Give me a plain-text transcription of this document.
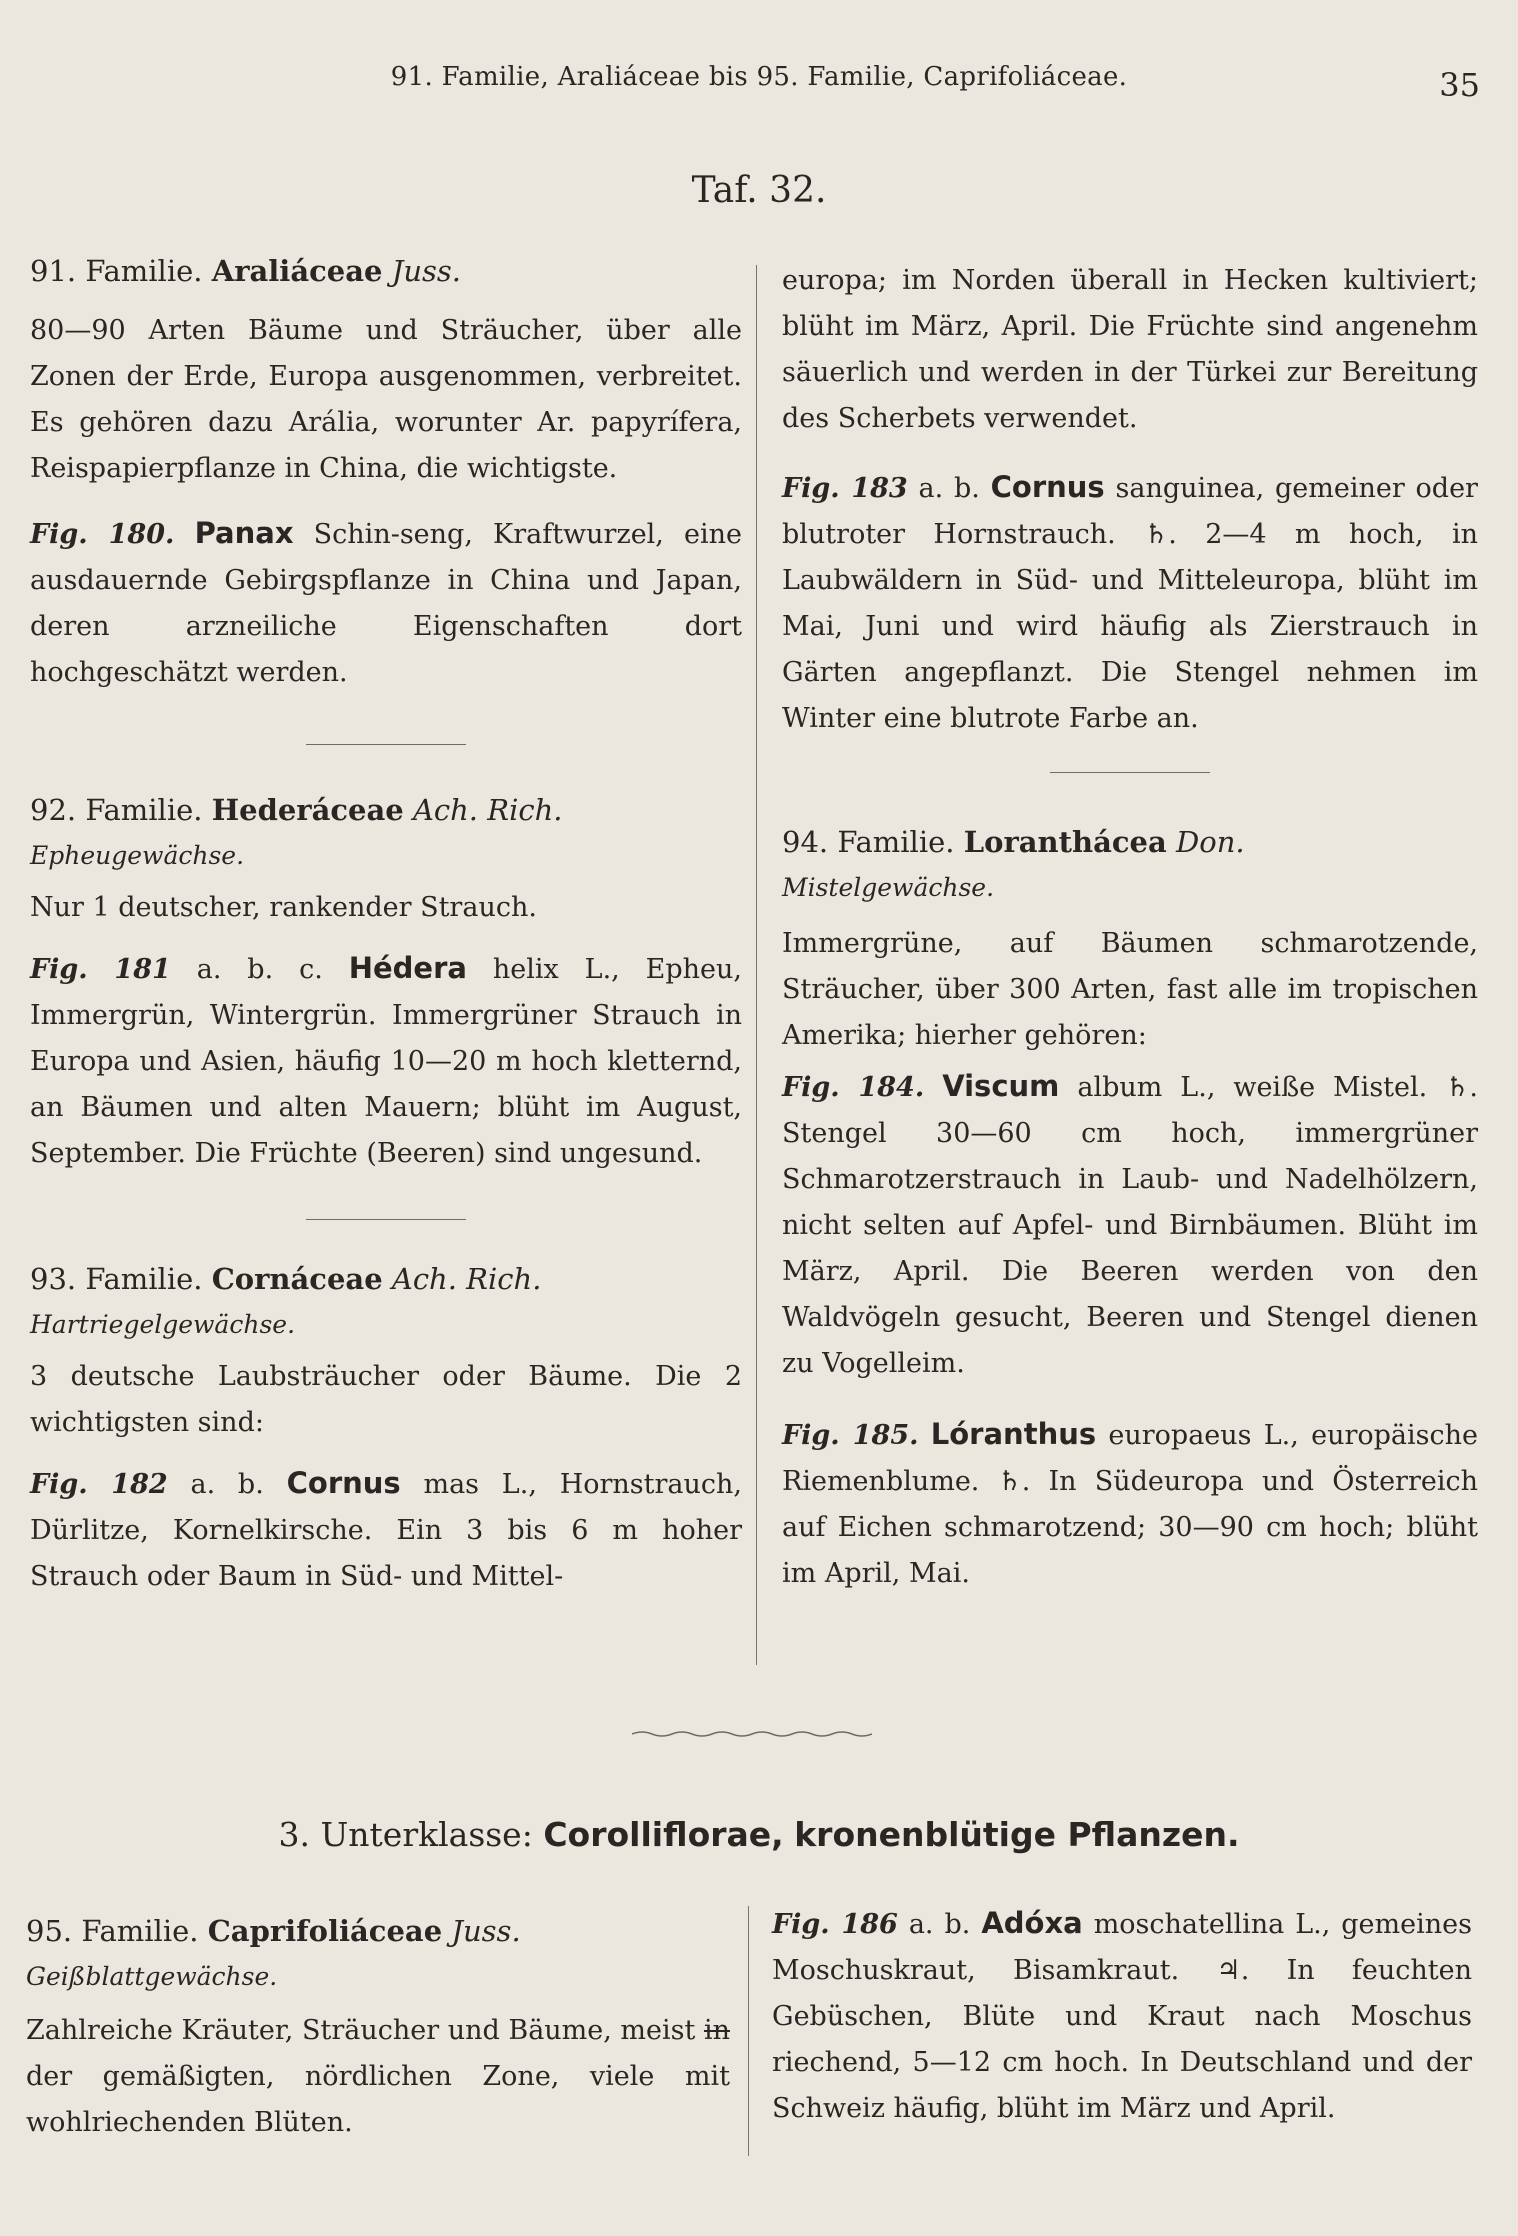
91. Familie, Araliáceae bis 95. Familie, Caprifoliáceae.	35
Taf. 32.

91. Familie. Araliáceae Juss.

80—90 Arten Bäume und Sträucher, über alle Zonen der Erde, Europa ausgenommen, verbreitet. Es gehören dazu Arália, worunter Ar. papyrífera, Reispapierpflanze in China, die wichtigste.

Fig. 180. Panax Schin-seng, Kraftwurzel, eine ausdauernde Gebirgspflanze in China und Japan, deren arzneiliche Eigenschaften dort hochgeschätzt werden.

92. Familie. Hederáceae Ach. Rich.

Epheugewächse.

Nur 1 deutscher, rankender Strauch.

Fig. 181 a. b. c. Hédera helix L., Epheu, Immergrün, Wintergrün. Immergrüner Strauch in Europa und Asien, häufig 10—20 m hoch kletternd, an Bäumen und alten Mauern; blüht im August, September. Die Früchte (Beeren) sind ungesund.

93. Familie. Cornáceae Ach. Rich.

Hartriegelgewächse.

3 deutsche Laubsträucher oder Bäume. Die 2 wichtigsten sind:

Fig. 182 a. b. Cornus mas L., Hornstrauch, Dürlitze, Kornelkirsche. Ein 3 bis 6 m hoher Strauch oder Baum in Süd- und Mittel-

europa; im Norden überall in Hecken kultiviert; blüht im März, April. Die Früchte sind angenehm säuerlich und werden in der Türkei zur Bereitung des Scherbets verwendet.

Fig. 183 a. b. Cornus sanguinea, gemeiner oder blutroter Hornstrauch. ♄. 2—4 m hoch, in Laubwäldern in Süd- und Mitteleuropa, blüht im Mai, Juni und wird häufig als Zierstrauch in Gärten angepflanzt. Die Stengel nehmen im Winter eine blutrote Farbe an.

94. Familie. Loranthácea Don.

Mistelgewächse.

Immergrüne, auf Bäumen schmarotzende, Sträucher, über 300 Arten, fast alle im tropischen Amerika; hierher gehören:

Fig. 184. Viscum album L., weiße Mistel. ♄. Stengel 30—60 cm hoch, immergrüner Schmarotzerstrauch in Laub- und Nadelhölzern, nicht selten auf Apfel- und Birnbäumen. Blüht im März, April. Die Beeren werden von den Waldvögeln gesucht, Beeren und Stengel dienen zu Vogelleim.

Fig. 185. Lóranthus europaeus L., europäische Riemenblume. ♄. In Südeuropa und Österreich auf Eichen schmarotzend; 30—90 cm hoch; blüht im April, Mai.

3. Unterklasse: Corolliflorae, kronenblütige Pflanzen.

95. Familie. Caprifoliáceae Juss.

Geißblattgewächse.

Zahlreiche Kräuter, Sträucher und Bäume, meist in der gemäßigten, nördlichen Zone, viele mit wohlriechenden Blüten.

Fig. 186 a. b. Adóxa moschatellina L., gemeines Moschuskraut, Bisamkraut. ♃. In feuchten Gebüschen, Blüte und Kraut nach Moschus riechend, 5—12 cm hoch. In Deutschland und der Schweiz häufig, blüht im März und April.
